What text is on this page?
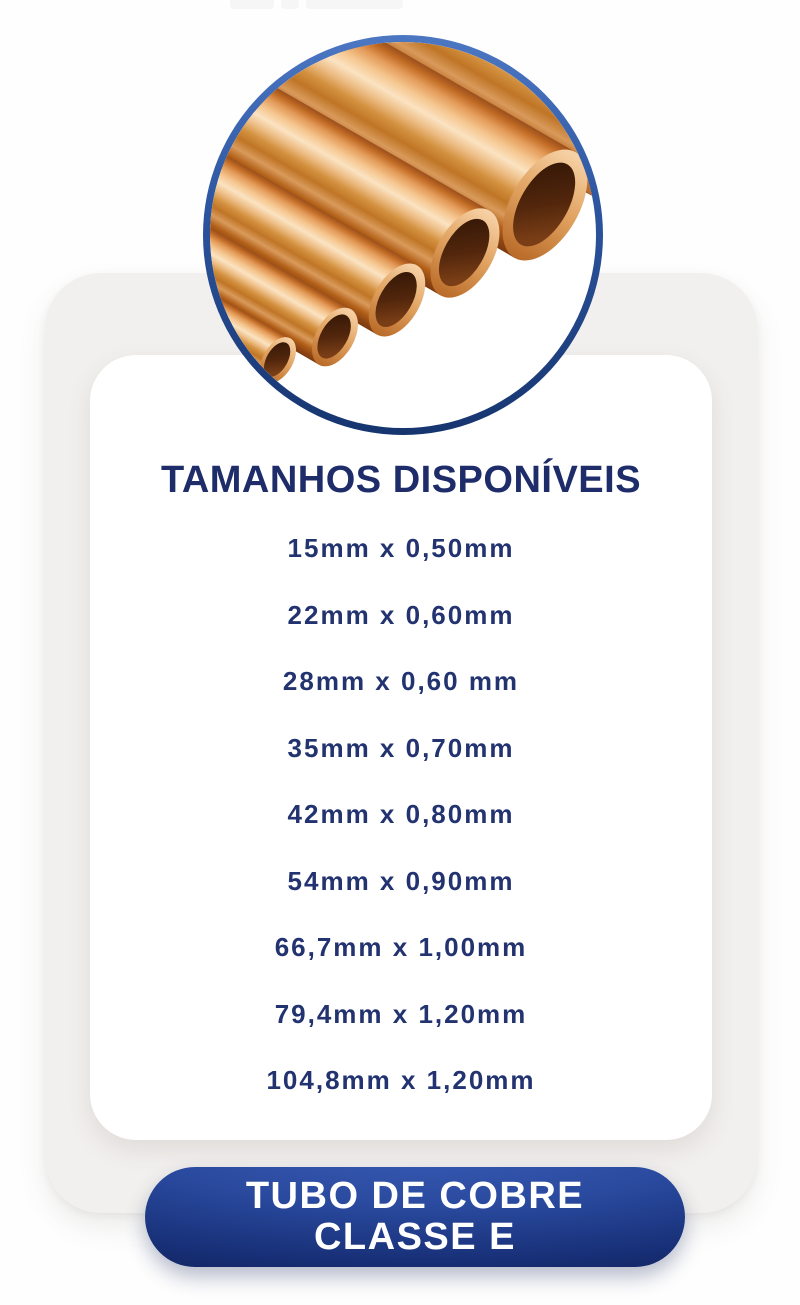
TAMANHOS DISPONÍVEIS
15mm x 0,50mm
22mm x 0,60mm
28mm x 0,60 mm
35mm x 0,70mm
42mm x 0,80mm
54mm x 0,90mm
66,7mm x 1,00mm
79,4mm x 1,20mm
104,8mm x 1,20mm
TUBO DE COBRE
CLASSE E
